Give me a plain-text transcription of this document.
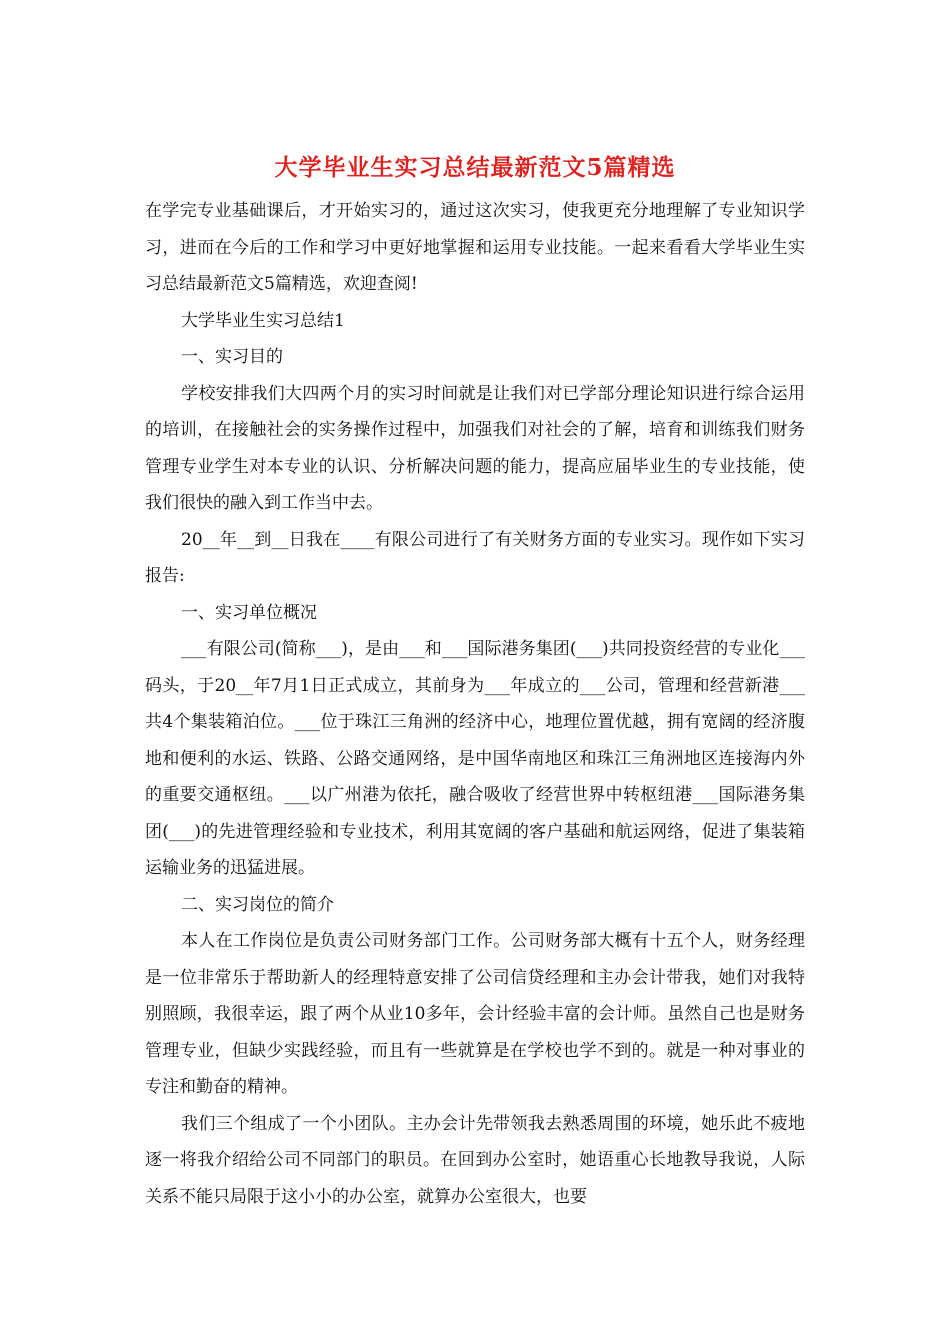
大学毕业生实习总结最新范文5篇精选

在学完专业基础课后，才开始实习的，通过这次实习，使我更充分地理解了专业知识学习，进而在今后的工作和学习中更好地掌握和运用专业技能。一起来看看大学毕业生实习总结最新范文5篇精选，欢迎查阅!

大学毕业生实习总结1

一、实习目的

学校安排我们大四两个月的实习时间就是让我们对已学部分理论知识进行综合运用的培训，在接触社会的实务操作过程中，加强我们对社会的了解，培育和训练我们财务管理专业学生对本专业的认识、分析解决问题的能力，提高应届毕业生的专业技能，使我们很快的融入到工作当中去。

20__年__到__日我在____有限公司进行了有关财务方面的专业实习。现作如下实习报告:

一、实习单位概况

___有限公司(简称___)，是由___和___国际港务集团(___)共同投资经营的专业化___码头，于20__年7月1日正式成立，其前身为___年成立的___公司，管理和经营新港___共4个集装箱泊位。___位于珠江三角洲的经济中心，地理位置优越，拥有宽阔的经济腹地和便利的水运、铁路、公路交通网络，是中国华南地区和珠江三角洲地区连接海内外的重要交通枢纽。___以广州港为依托，融合吸收了经营世界中转枢纽港___国际港务集团(___)的先进管理经验和专业技术，利用其宽阔的客户基础和航运网络，促进了集装箱运输业务的迅猛进展。

二、实习岗位的简介

本人在工作岗位是负责公司财务部门工作。公司财务部大概有十五个人，财务经理是一位非常乐于帮助新人的经理特意安排了公司信贷经理和主办会计带我，她们对我特别照顾，我很幸运，跟了两个从业10多年，会计经验丰富的会计师。虽然自己也是财务管理专业，但缺少实践经验，而且有一些就算是在学校也学不到的。就是一种对事业的专注和勤奋的精神。

我们三个组成了一个小团队。主办会计先带领我去熟悉周围的环境，她乐此不疲地逐一将我介绍给公司不同部门的职员。在回到办公室时，她语重心长地教导我说，人际关系不能只局限于这小小的办公室，就算办公室很大，也要
